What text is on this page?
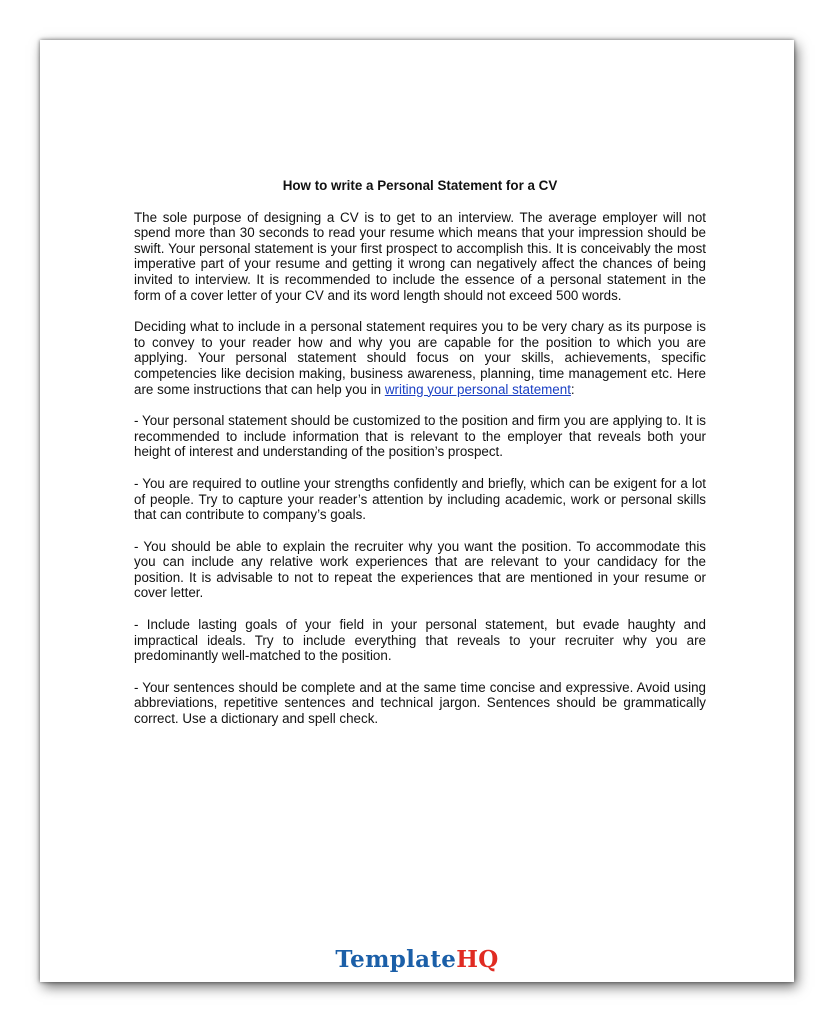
How to write a Personal Statement for a CV

The sole purpose of designing a CV is to get to an interview. The average employer will not spend more than 30 seconds to read your resume which means that your impression should be swift. Your personal statement is your first prospect to accomplish this. It is conceivably the most imperative part of your resume and getting it wrong can negatively affect the chances of being invited to interview. It is recommended to include the essence of a personal statement in the form of a cover letter of your CV and its word length should not exceed 500 words.

Deciding what to include in a personal statement requires you to be very chary as its purpose is to convey to your reader how and why you are capable for the position to which you are applying. Your personal statement should focus on your skills, achievements, specific competencies like decision making, business awareness, planning, time management etc. Here are some instructions that can help you in writing your personal statement:

- Your personal statement should be customized to the position and firm you are applying to. It is recommended to include information that is relevant to the employer that reveals both your height of interest and understanding of the position’s prospect.

- You are required to outline your strengths confidently and briefly, which can be exigent for a lot of people. Try to capture your reader’s attention by including academic, work or personal skills that can contribute to company’s goals.

- You should be able to explain the recruiter why you want the position. To accommodate this you can include any relative work experiences that are relevant to your candidacy for the position. It is advisable to not to repeat the experiences that are mentioned in your resume or cover letter.

- Include lasting goals of your field in your personal statement, but evade haughty and impractical ideals. Try to include everything that reveals to your recruiter why you are predominantly well-matched to the position.

- Your sentences should be complete and at the same time concise and expressive. Avoid using abbreviations, repetitive sentences and technical jargon. Sentences should be grammatically correct. Use a dictionary and spell check.

TemplateHQ
